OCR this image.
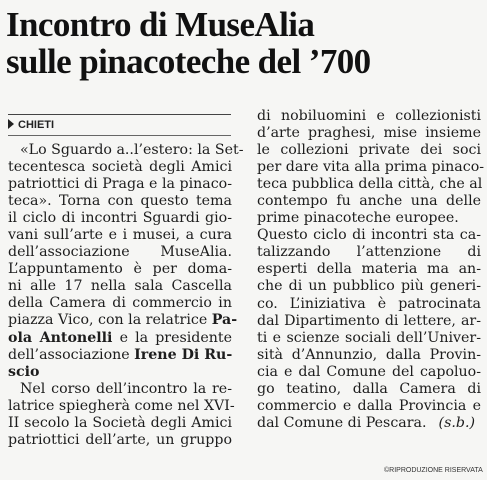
Incontro di MuseAlia
sulle pinacoteche del ’700
CHIETI
«Lo Sguardo a..l’estero: la Set-
tecentesca società degli Amici
patriottici di Praga e la pinaco-
teca». Torna con questo tema
il ciclo di incontri Sguardi gio-
vani sull’arte e i musei, a cura
dell’associazione MuseAlia.
L’appuntamento è per doma-
ni alle 17 nella sala Cascella
della Camera di commercio in
piazza Vico, con la relatrice Pa-
ola Antonelli e la presidente
dell’associazione Irene Di Ru-
scio
Nel corso dell’incontro la re-
latrice spiegherà come nel XVI-
II secolo la Società degli Amici
patriottici dell’arte, un gruppo
di nobiluomini e collezionisti
d’arte praghesi, mise insieme
le collezioni private dei soci
per dare vita alla prima pinaco-
teca pubblica della città, che al
contempo fu anche una delle
prime pinacoteche europee.
Questo ciclo di incontri sta ca-
talizzando l’attenzione di
esperti della materia ma an-
che di un pubblico più generi-
co. L’iniziativa è patrocinata
dal Dipartimento di lettere, ar-
ti e scienze sociali dell’Univer-
sità d’Annunzio, dalla Provin-
cia e dal Comune del capoluo-
go teatino, dalla Camera di
commercio e dalla Provincia e
dal Comune di Pescara. (s.b.)
©RIPRODUZIONE RISERVATA
